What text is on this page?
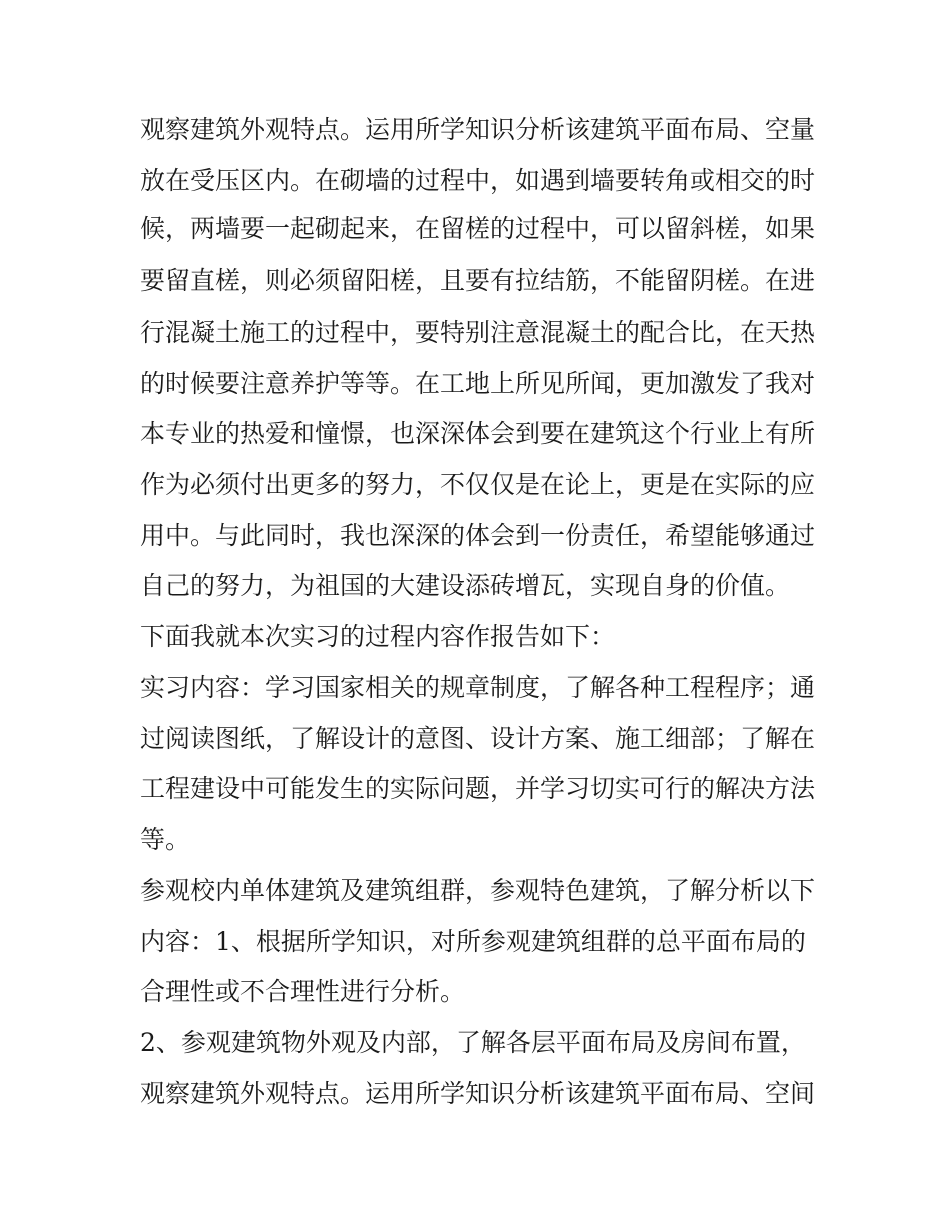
观察建筑外观特点。运用所学知识分析该建筑平面布局、空量
放在受压区内。在砌墙的过程中，如遇到墙要转角或相交的时
候，两墙要一起砌起来，在留槎的过程中，可以留斜槎，如果
要留直槎，则必须留阳槎，且要有拉结筋，不能留阴槎。在进
行混凝土施工的过程中，要特别注意混凝土的配合比，在天热
的时候要注意养护等等。在工地上所见所闻，更加激发了我对
本专业的热爱和憧憬，也深深体会到要在建筑这个行业上有所
作为必须付出更多的努力，不仅仅是在论上，更是在实际的应
用中。与此同时，我也深深的体会到一份责任，希望能够通过
自己的努力，为祖国的大建设添砖增瓦，实现自身的价值。
下面我就本次实习的过程内容作报告如下：
实习内容：学习国家相关的规章制度，了解各种工程程序；通
过阅读图纸，了解设计的意图、设计方案、施工细部；了解在
工程建设中可能发生的实际问题，并学习切实可行的解决方法
等。
参观校内单体建筑及建筑组群，参观特色建筑，了解分析以下
内容：1、根据所学知识，对所参观建筑组群的总平面布局的
合理性或不合理性进行分析。
2、参观建筑物外观及内部，了解各层平面布局及房间布置，
观察建筑外观特点。运用所学知识分析该建筑平面布局、空间
